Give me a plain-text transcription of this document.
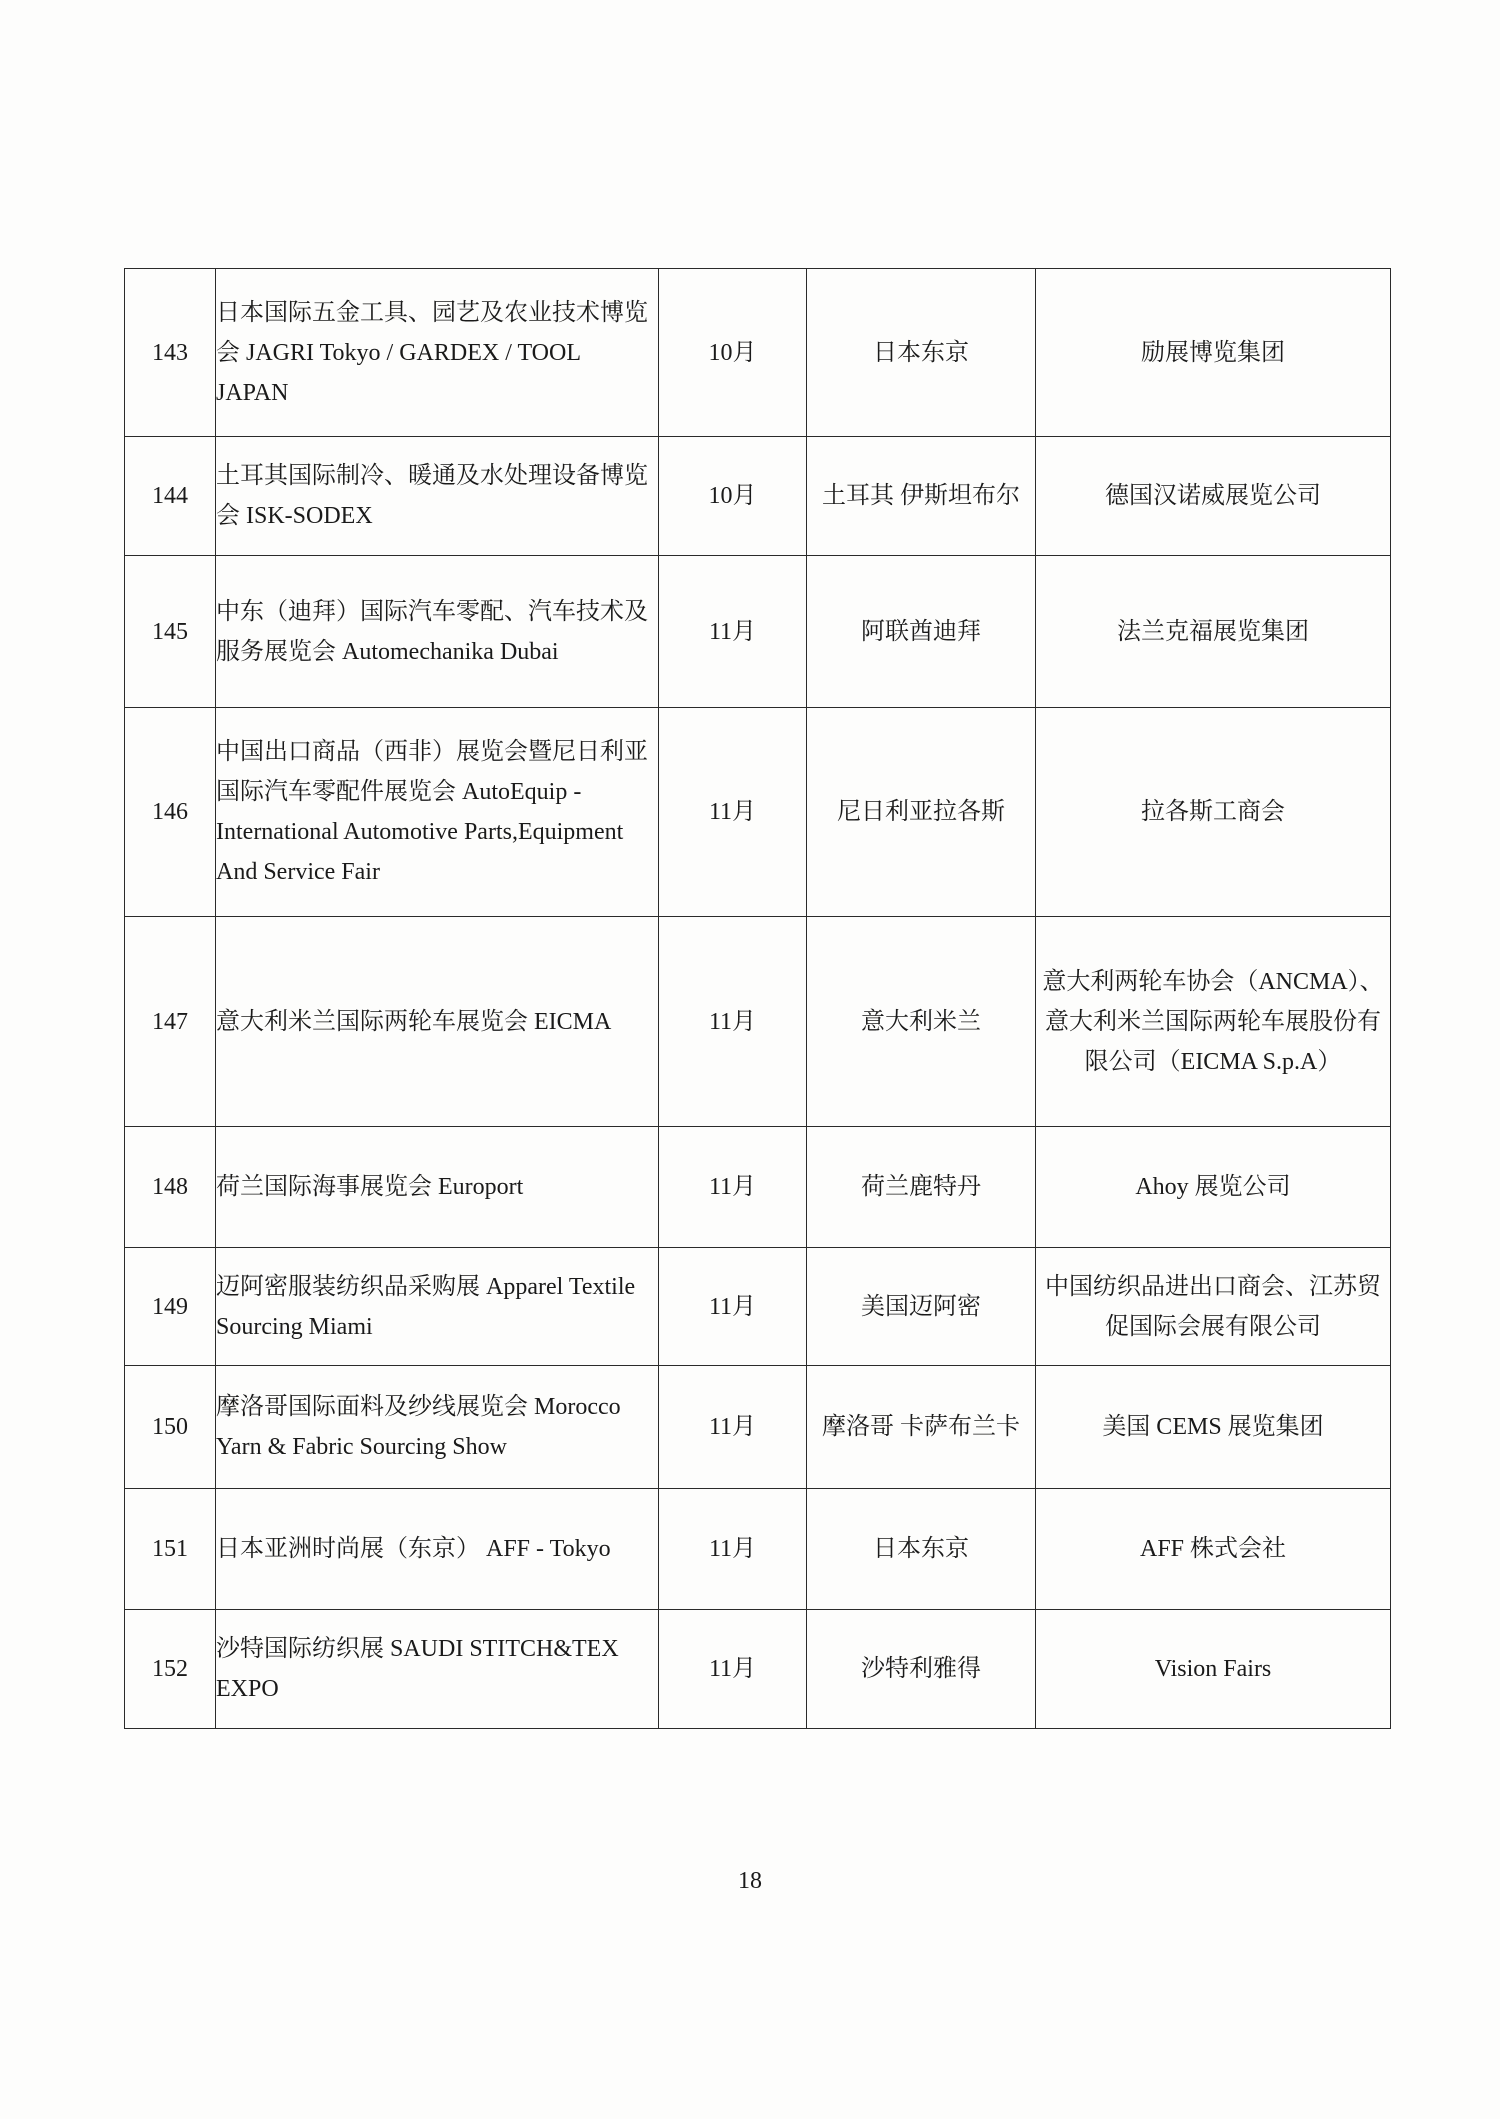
143	日本国际五金工具、园艺及农业技术博览会 JAGRI Tokyo / GARDEX / TOOL JAPAN	10月	日本东京	励展博览集团
144	土耳其国际制冷、暖通及水处理设备博览会 ISK-SODEX	10月	土耳其 伊斯坦布尔	德国汉诺威展览公司
145	中东（迪拜）国际汽车零配、汽车技术及服务展览会 Automechanika Dubai	11月	阿联酋迪拜	法兰克福展览集团
146	中国出口商品（西非）展览会暨尼日利亚国际汽车零配件展览会 AutoEquip - International Automotive Parts,Equipment And Service Fair	11月	尼日利亚拉各斯	拉各斯工商会
147	意大利米兰国际两轮车展览会 EICMA	11月	意大利米兰	意大利两轮车协会（ANCMA）、意大利米兰国际两轮车展股份有限公司（EICMA S.p.A）
148	荷兰国际海事展览会 Europort	11月	荷兰鹿特丹	Ahoy 展览公司
149	迈阿密服装纺织品采购展 Apparel Textile Sourcing Miami	11月	美国迈阿密	中国纺织品进出口商会、江苏贸促国际会展有限公司
150	摩洛哥国际面料及纱线展览会 Morocco Yarn & Fabric Sourcing Show	11月	摩洛哥 卡萨布兰卡	美国 CEMS 展览集团
151	日本亚洲时尚展（东京） AFF - Tokyo	11月	日本东京	AFF 株式会社
152	沙特国际纺织展 SAUDI STITCH&TEX EXPO	11月	沙特利雅得	Vision Fairs
18
